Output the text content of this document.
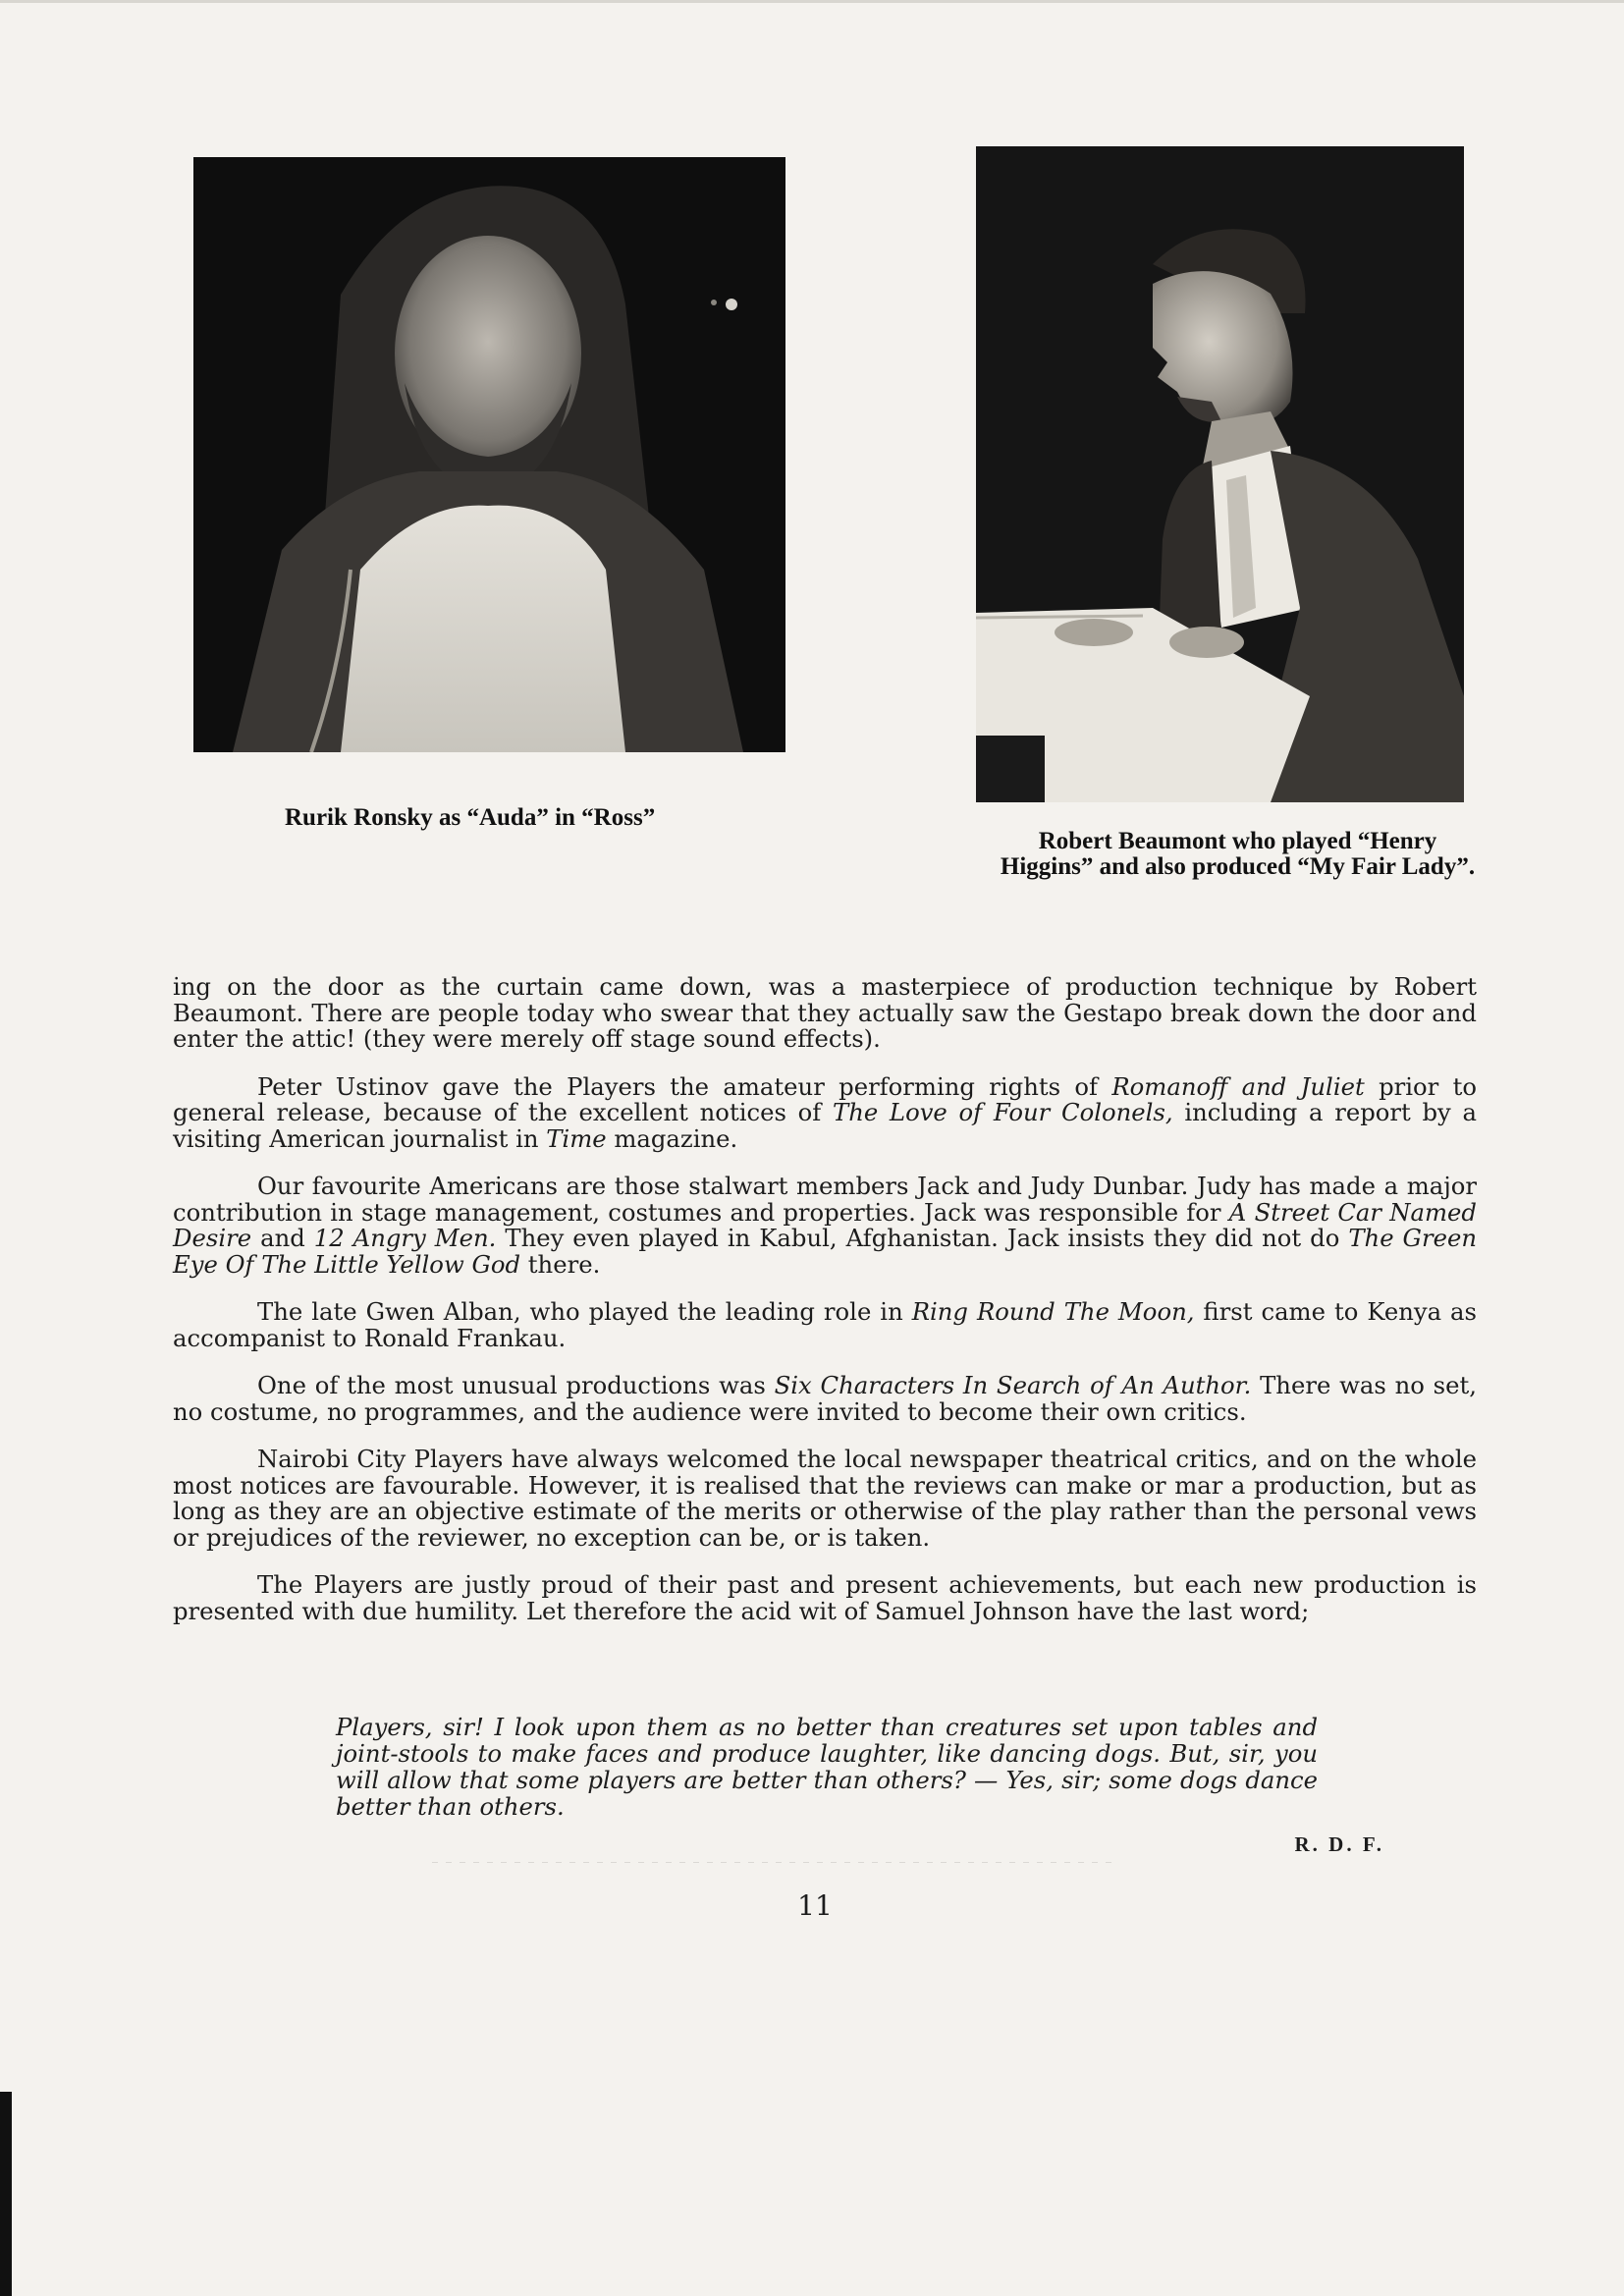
Rurik Ronsky as “Auda” in “Ross”
Robert Beaumont who played “Henry Higgins” and also produced “My Fair Lady”.

ing on the door as the curtain came down, was a masterpiece of production technique by Robert Beaumont. There are people today who swear that they actually saw the Gestapo break down the door and enter the attic! (they were merely off stage sound effects).

Peter Ustinov gave the Players the amateur performing rights of Romanoff and Juliet prior to general release, because of the excellent notices of The Love of Four Colonels, including a report by a visiting American journalist in Time magazine.

Our favourite Americans are those stalwart members Jack and Judy Dunbar. Judy has made a major contribution in stage management, costumes and properties. Jack was responsible for A Street Car Named Desire and 12 Angry Men. They even played in Kabul, Afghanistan. Jack insists they did not do The Green Eye Of The Little Yellow God there.

The late Gwen Alban, who played the leading role in Ring Round The Moon, first came to Kenya as accompanist to Ronald Frankau.

One of the most unusual productions was Six Characters In Search of An Author. There was no set, no costume, no programmes, and the audience were invited to become their own critics.

Nairobi City Players have always welcomed the local newspaper theatrical critics, and on the whole most notices are favourable. However, it is realised that the reviews can make or mar a production, but as long as they are an objective estimate of the merits or otherwise of the play rather than the personal vews or prejudices of the reviewer, no exception can be, or is taken.

The Players are justly proud of their past and present achievements, but each new production is presented with due humility. Let therefore the acid wit of Samuel Johnson have the last word;

Players, sir! I look upon them as no better than creatures set upon tables and joint-stools to make faces and produce laughter, like dancing dogs. But, sir, you will allow that some players are better than others? — Yes, sir; some dogs dance better than others.
R. D. F.
11
